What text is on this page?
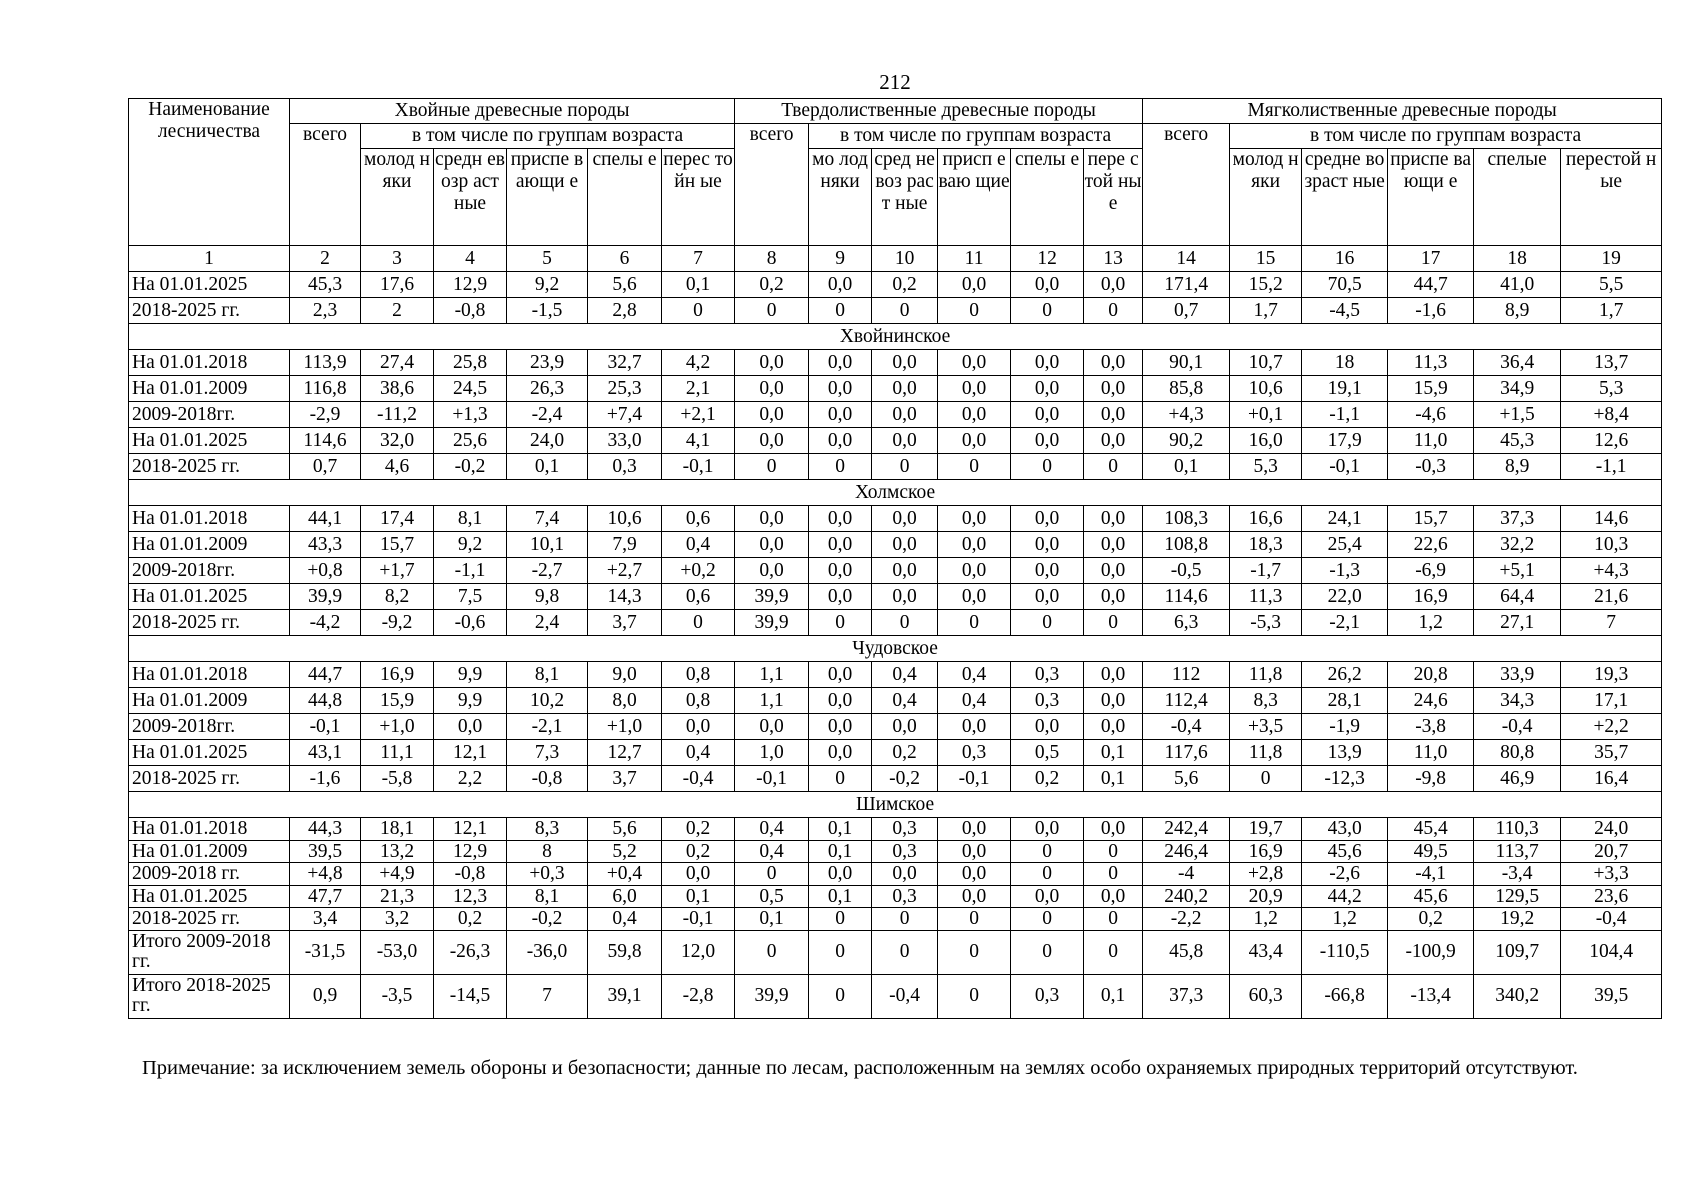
212
Наименование лесничества	Хвойные древесные породы						Твердолиственные древесные породы						Мягколиственные древесные породы					
	всего	в том числе по группам возраста					всего	в том числе по группам возраста					всего	в том числе по группам возраста				
		молод няки	средн евозр аст ные	приспе вающи е	спелы е	перес тойн ые		мо лод няки	сред невоз раст ные	присп еваю щие	спелы е	пере стой ные		молод няки	средне возраст ные	приспе вающи е	спелые	перестой ные
1	2	3	4	5	6	7	8	9	10	11	12	13	14	15	16	17	18	19
На 01.01.2025	45,3	17,6	12,9	9,2	5,6	0,1	0,2	0,0	0,2	0,0	0,0	0,0	171,4	15,2	70,5	44,7	41,0	5,5
2018-2025 гг.	2,3	2	-0,8	-1,5	2,8	0	0	0	0	0	0	0	0,7	1,7	-4,5	-1,6	8,9	1,7
Хвойнинское																		
На 01.01.2018	113,9	27,4	25,8	23,9	32,7	4,2	0,0	0,0	0,0	0,0	0,0	0,0	90,1	10,7	18	11,3	36,4	13,7
На 01.01.2009	116,8	38,6	24,5	26,3	25,3	2,1	0,0	0,0	0,0	0,0	0,0	0,0	85,8	10,6	19,1	15,9	34,9	5,3
2009-2018гг.	-2,9	-11,2	+1,3	-2,4	+7,4	+2,1	0,0	0,0	0,0	0,0	0,0	0,0	+4,3	+0,1	-1,1	-4,6	+1,5	+8,4
На 01.01.2025	114,6	32,0	25,6	24,0	33,0	4,1	0,0	0,0	0,0	0,0	0,0	0,0	90,2	16,0	17,9	11,0	45,3	12,6
2018-2025 гг.	0,7	4,6	-0,2	0,1	0,3	-0,1	0	0	0	0	0	0	0,1	5,3	-0,1	-0,3	8,9	-1,1
Холмское																		
На 01.01.2018	44,1	17,4	8,1	7,4	10,6	0,6	0,0	0,0	0,0	0,0	0,0	0,0	108,3	16,6	24,1	15,7	37,3	14,6
На 01.01.2009	43,3	15,7	9,2	10,1	7,9	0,4	0,0	0,0	0,0	0,0	0,0	0,0	108,8	18,3	25,4	22,6	32,2	10,3
2009-2018гг.	+0,8	+1,7	-1,1	-2,7	+2,7	+0,2	0,0	0,0	0,0	0,0	0,0	0,0	-0,5	-1,7	-1,3	-6,9	+5,1	+4,3
На 01.01.2025	39,9	8,2	7,5	9,8	14,3	0,6	39,9	0,0	0,0	0,0	0,0	0,0	114,6	11,3	22,0	16,9	64,4	21,6
2018-2025 гг.	-4,2	-9,2	-0,6	2,4	3,7	0	39,9	0	0	0	0	0	6,3	-5,3	-2,1	1,2	27,1	7
Чудовское																		
На 01.01.2018	44,7	16,9	9,9	8,1	9,0	0,8	1,1	0,0	0,4	0,4	0,3	0,0	112	11,8	26,2	20,8	33,9	19,3
На 01.01.2009	44,8	15,9	9,9	10,2	8,0	0,8	1,1	0,0	0,4	0,4	0,3	0,0	112,4	8,3	28,1	24,6	34,3	17,1
2009-2018гг.	-0,1	+1,0	0,0	-2,1	+1,0	0,0	0,0	0,0	0,0	0,0	0,0	0,0	-0,4	+3,5	-1,9	-3,8	-0,4	+2,2
На 01.01.2025	43,1	11,1	12,1	7,3	12,7	0,4	1,0	0,0	0,2	0,3	0,5	0,1	117,6	11,8	13,9	11,0	80,8	35,7
2018-2025 гг.	-1,6	-5,8	2,2	-0,8	3,7	-0,4	-0,1	0	-0,2	-0,1	0,2	0,1	5,6	0	-12,3	-9,8	46,9	16,4
Шимское																		
На 01.01.2018	44,3	18,1	12,1	8,3	5,6	0,2	0,4	0,1	0,3	0,0	0,0	0,0	242,4	19,7	43,0	45,4	110,3	24,0
На 01.01.2009	39,5	13,2	12,9	8	5,2	0,2	0,4	0,1	0,3	0,0	0	0	246,4	16,9	45,6	49,5	113,7	20,7
2009-2018 гг.	+4,8	+4,9	-0,8	+0,3	+0,4	0,0	0	0,0	0,0	0,0	0	0	-4	+2,8	-2,6	-4,1	-3,4	+3,3
На 01.01.2025	47,7	21,3	12,3	8,1	6,0	0,1	0,5	0,1	0,3	0,0	0,0	0,0	240,2	20,9	44,2	45,6	129,5	23,6
2018-2025 гг.	3,4	3,2	0,2	-0,2	0,4	-0,1	0,1	0	0	0	0	0	-2,2	1,2	1,2	0,2	19,2	-0,4
Итого 2009-2018 гг.	-31,5	-53,0	-26,3	-36,0	59,8	12,0	0	0	0	0	0	0	45,8	43,4	-110,5	-100,9	109,7	104,4
Итого 2018-2025 гг.	0,9	-3,5	-14,5	7	39,1	-2,8	39,9	0	-0,4	0	0,3	0,1	37,3	60,3	-66,8	-13,4	340,2	39,5
Примечание: за исключением земель обороны и безопасности; данные по лесам, расположенным на землях особо охраняемых природных территорий отсутствуют.
